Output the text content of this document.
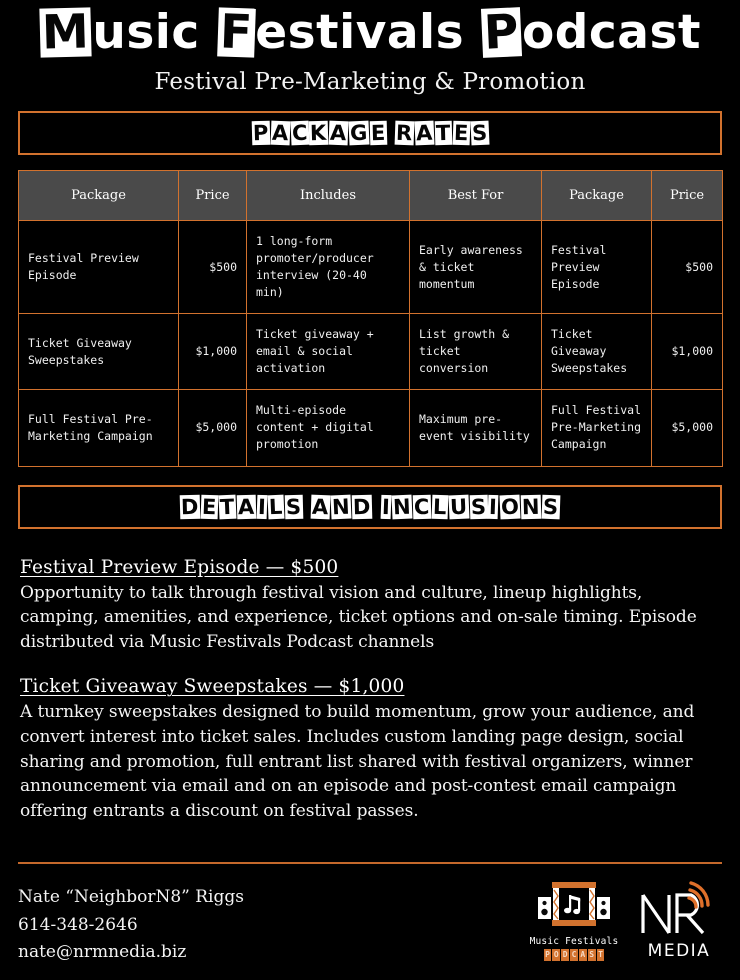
Music Festivals Podcast
Festival Pre-Marketing & Promotion
P AC K AG E RA T ES
Package	Price	Includes	Best For	Package	Price
Festival Preview Episode	$500	1 long-form promoter/producer interview (20-40 min)	Early awareness & ticket momentum	Festival Preview Episode	$500
Ticket Giveaway Sweepstakes	$1,000	Ticket giveaway + email & social activation	List growth & ticket conversion	Ticket Giveaway Sweepstakes	$1,000
Full Festival Pre-Marketing Campaign	$5,000	Multi-episode content + digital promotion	Maximum pre-event visibility	Full Festival Pre-Marketing Campaign	$5,000
D ET A IL S AN D IN C LU S IO N S
Festival Preview Episode — $500

Opportunity to talk through festival vision and culture, lineup highlights, camping, amenities, and experience, ticket options and on-sale timing. Episode distributed via Music Festivals Podcast channels

Ticket Giveaway Sweepstakes — $1,000

A turnkey sweepstakes designed to build momentum, grow your audience, and convert interest into ticket sales. Includes custom landing page design, social sharing and promotion, full entrant list shared with festival organizers, winner announcement via email and on an episode and post-contest email campaign offering entrants a discount on festival passes.

Nate “NeighborN8” Riggs
614-348-2646
nate@nrmnedia.biz
Music Festivals
P O D C A S T	MEDIA
